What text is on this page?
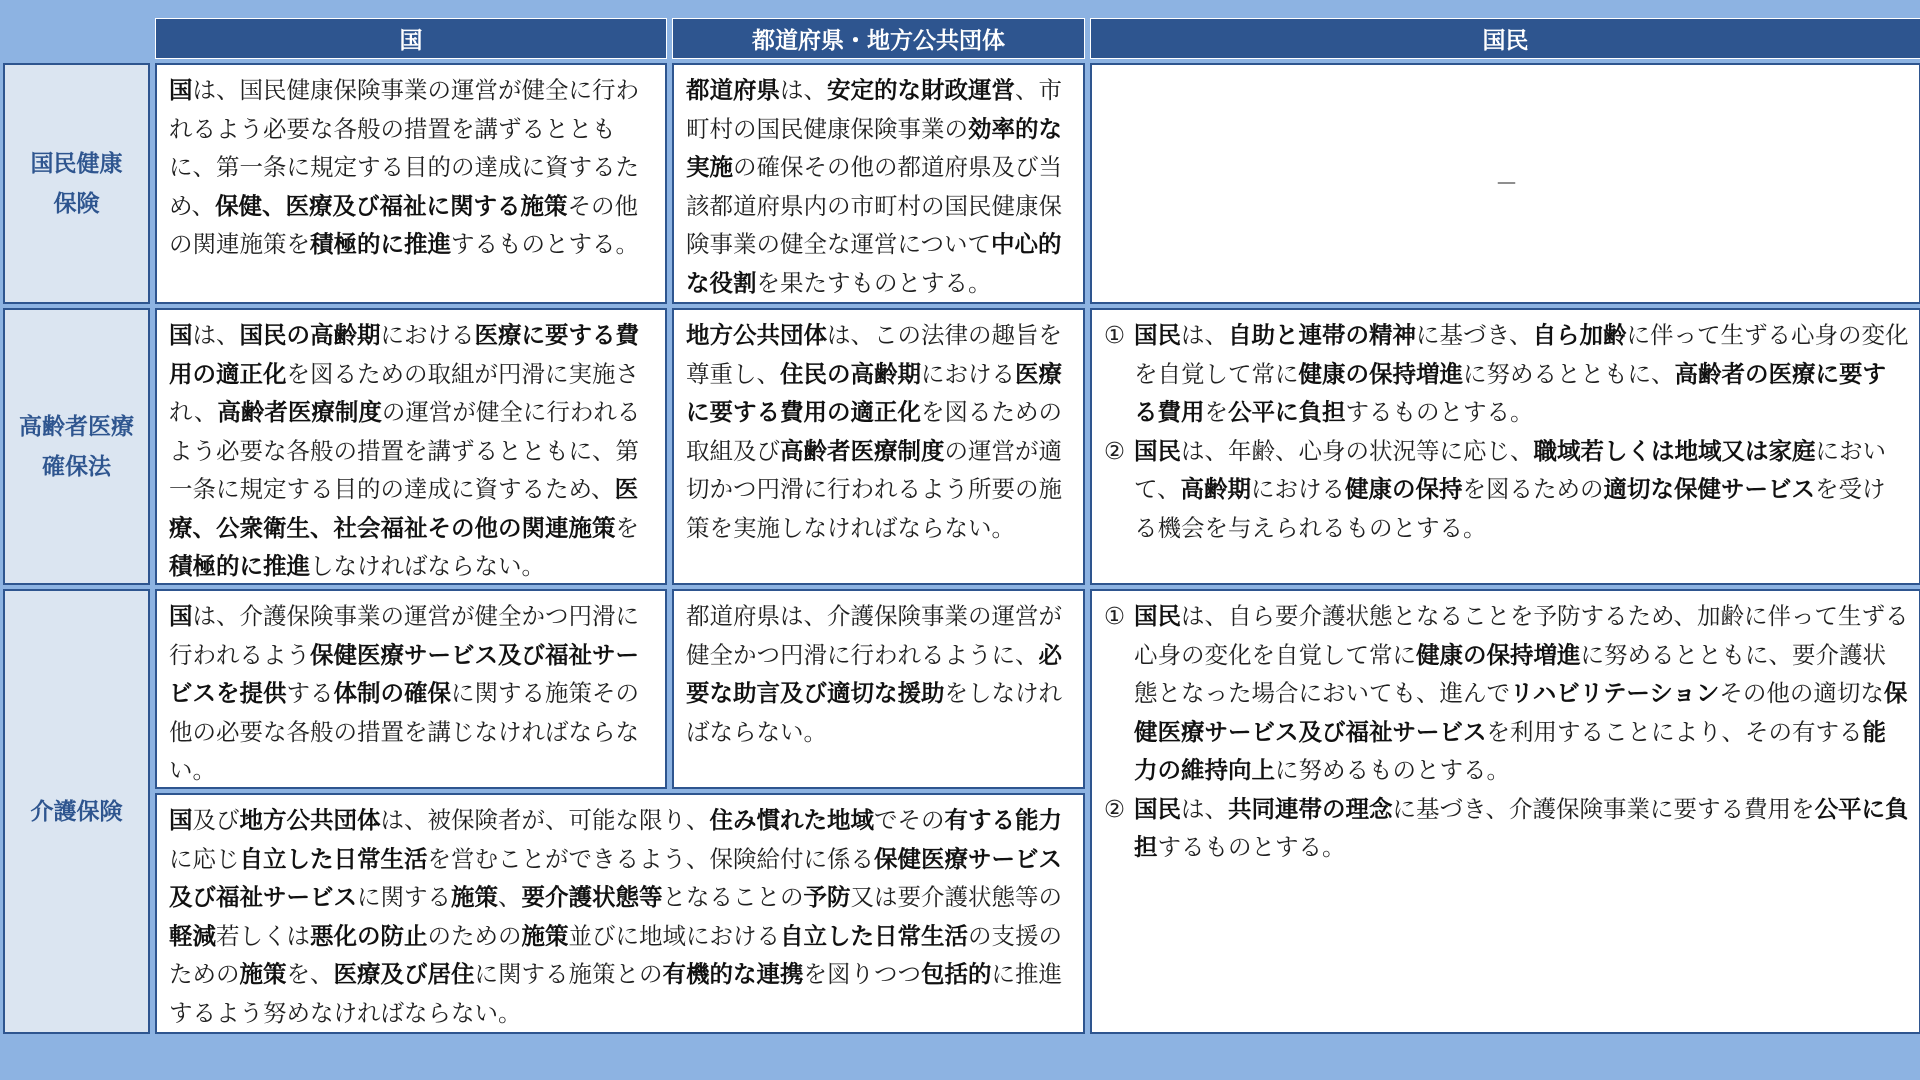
国	都道府県・地方公共団体	国民
国民健康
保険
高齢者医療
確保法
介護保険
国は、国民健康保険事業の運営が健全に行われるよう必要な各般の措置を講ずるとともに、第一条に規定する目的の達成に資するため、保健、医療及び福祉に関する施策その他の関連施策を積極的に推進するものとする。
都道府県は、安定的な財政運営、市町村の国民健康保険事業の効率的な実施の確保その他の都道府県及び当該都道府県内の市町村の国民健康保険事業の健全な運営について中心的な役割を果たすものとする。
－
国は、国民の高齢期における医療に要する費用の適正化を図るための取組が円滑に実施され、高齢者医療制度の運営が健全に行われるよう必要な各般の措置を講ずるとともに、第一条に規定する目的の達成に資するため、医療、公衆衛生、社会福祉その他の関連施策を積極的に推進しなければならない。
地方公共団体は、この法律の趣旨を尊重し、住民の高齢期における医療に要する費用の適正化を図るための取組及び高齢者医療制度の運営が適切かつ円滑に行われるよう所要の施策を実施しなければならない。
① 国民は、自助と連帯の精神に基づき、自ら加齢に伴って生ずる心身の変化を自覚して常に健康の保持増進に努めるとともに、高齢者の医療に要する費用を公平に負担するものとする。
② 国民は、年齢、心身の状況等に応じ、職域若しくは地域又は家庭において、高齢期における健康の保持を図るための適切な保健サービスを受ける機会を与えられるものとする。
国は、介護保険事業の運営が健全かつ円滑に行われるよう保健医療サービス及び福祉サービスを提供する体制の確保に関する施策その他の必要な各般の措置を講じなければならない。
都道府県は、介護保険事業の運営が健全かつ円滑に行われるように、必要な助言及び適切な援助をしなければならない。
国及び地方公共団体は、被保険者が、可能な限り、住み慣れた地域でその有する能力に応じ自立した日常生活を営むことができるよう、保険給付に係る保健医療サービス及び福祉サービスに関する施策、要介護状態等となることの予防又は要介護状態等の軽減若しくは悪化の防止のための施策並びに地域における自立した日常生活の支援のための施策を、医療及び居住に関する施策との有機的な連携を図りつつ包括的に推進するよう努めなければならない。
① 国民は、自ら要介護状態となることを予防するため、加齢に伴って生ずる心身の変化を自覚して常に健康の保持増進に努めるとともに、要介護状態となった場合においても、進んでリハビリテーションその他の適切な保健医療サービス及び福祉サービスを利用することにより、その有する能力の維持向上に努めるものとする。
② 国民は、共同連帯の理念に基づき、介護保険事業に要する費用を公平に負担するものとする。
